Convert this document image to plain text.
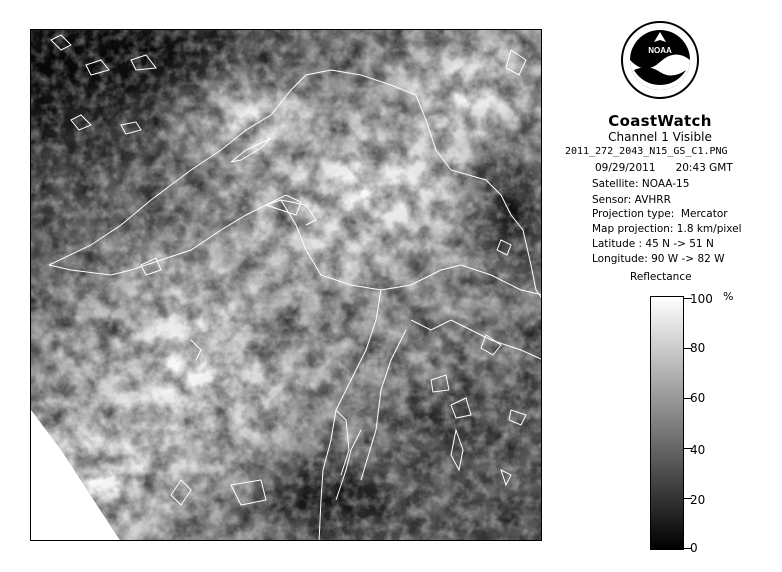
NOAA
CoastWatch
Channel 1 Visible
2011_272_2043_N15_GS_C1.PNG
09/29/2011 20:43 GMT
Satellite: NOAA-15
Sensor: AVHRR
Projection type:  Mercator
Map projection: 1.8 km/pixel
Latitude : 45 N -> 51 N
Longitude: 90 W -> 82 W
Reflectance
%
100
80
60
40
20
0
